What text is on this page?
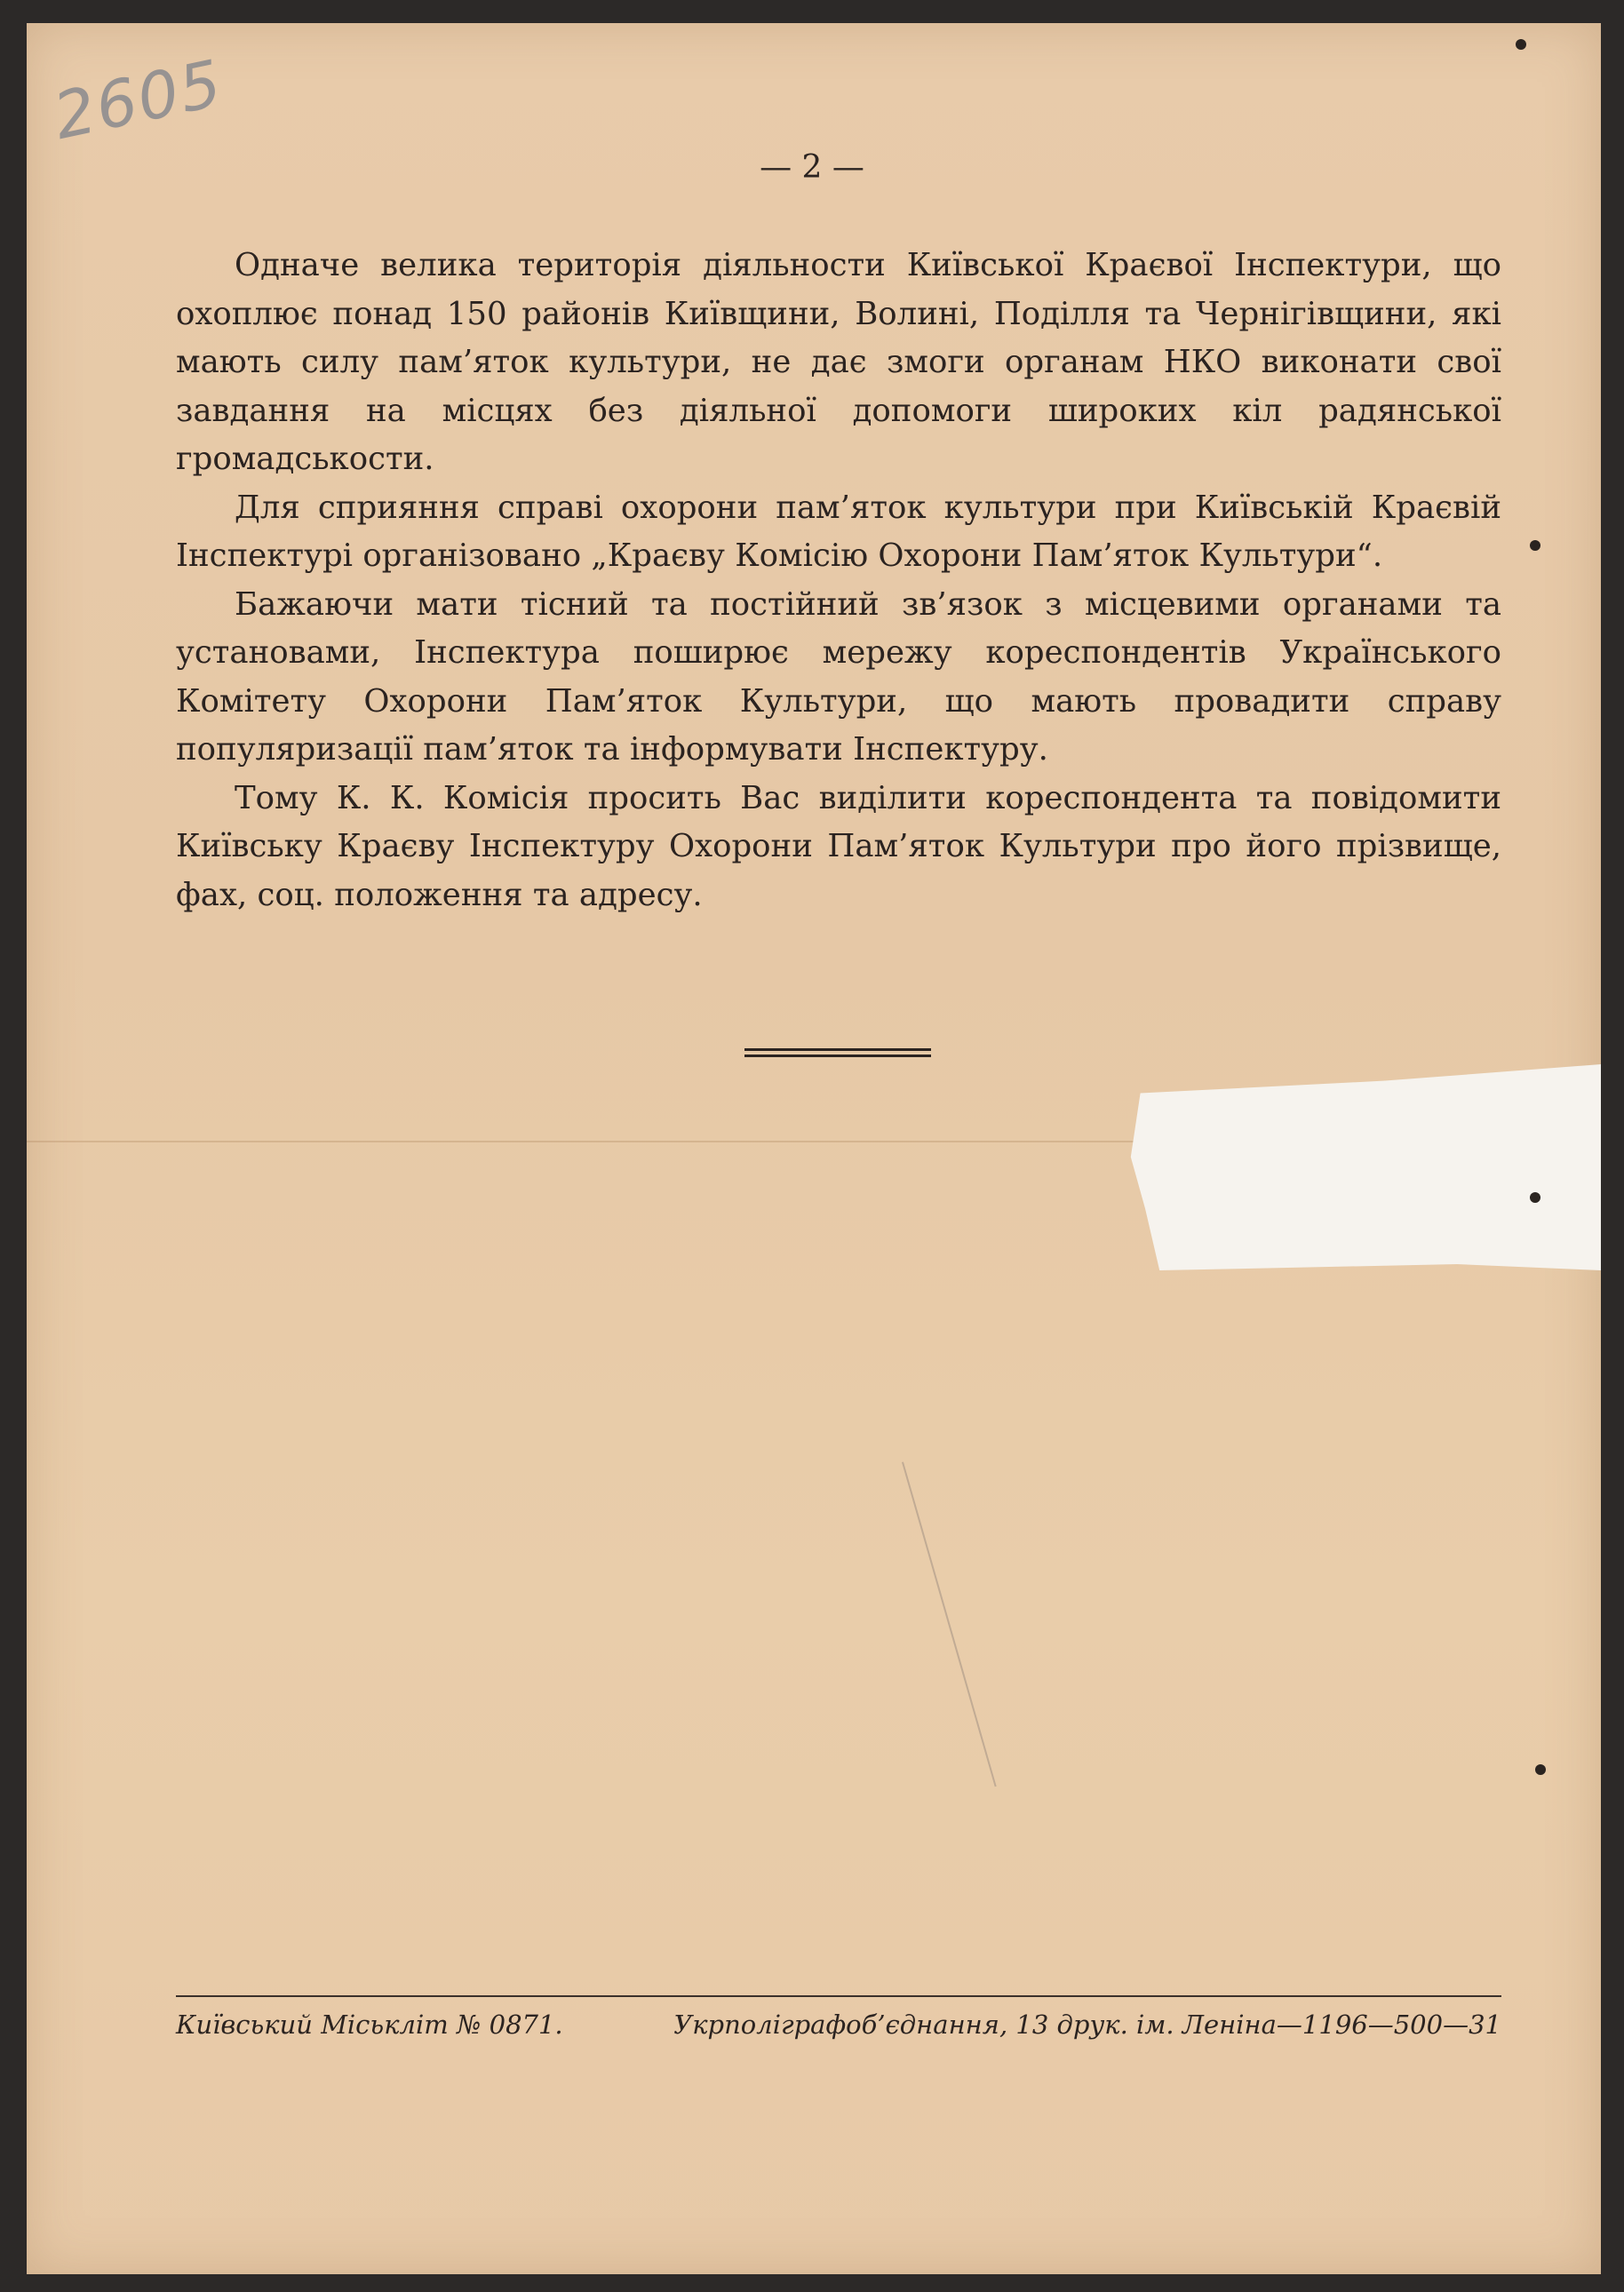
2605
— 2 —

Одначе велика територія діяльности Київської Краєвої Інспектури, що охоплює понад 150 районів Київщини, Волині, Поділля та Чернігівщини, які мають силу пам’яток культури, не дає змоги органам НКО виконати свої завдання на місцях без діяльної допомоги широких кіл радянської громадськости.

Для сприяння справі охорони пам’яток культури при Київській Краєвій Інспектурі організовано „Краєву Комісію Охорони Пам’яток Культури“.

Бажаючи мати тісний та постійний зв’язок з місцевими органами та установами, Інспектура поширює мережу кореспондентів Українського Комітету Охорони Пам’яток Культури, що мають провадити справу популяризації пам’яток та інформувати Інспектуру.

Тому К. К. Комісія просить Вас виділити кореспондента та повідомити Київську Краєву Інспектуру Охорони Пам’яток Культури про його прізвище, фах, соц. положення та адресу.

Київський Міськліт № 0871.	Укрполіграфоб’єднання, 13 друк. ім. Леніна—1196—500—31
